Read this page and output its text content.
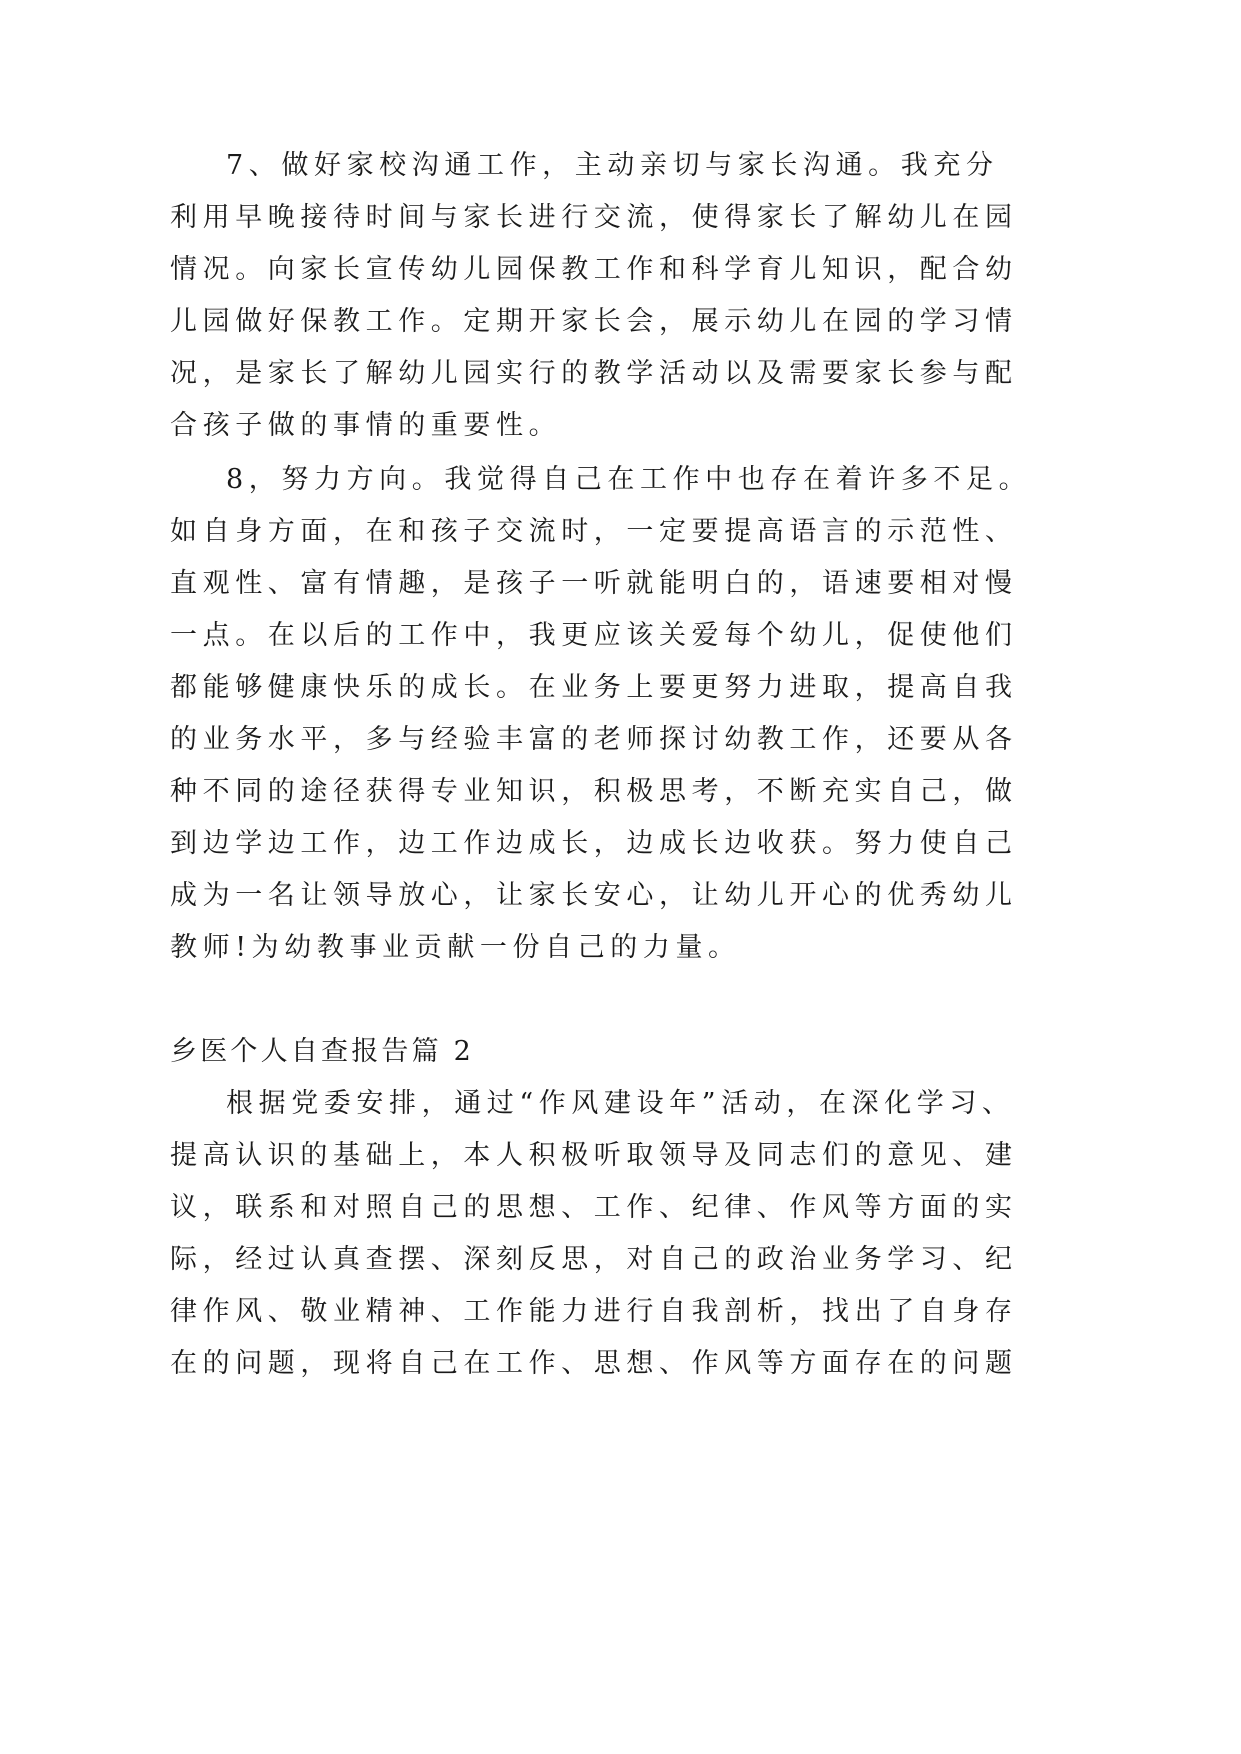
7、做好家校沟通工作，主动亲切与家长沟通。我充分
利用早晚接待时间与家长进行交流，使得家长了解幼儿在园
情况。向家长宣传幼儿园保教工作和科学育儿知识，配合幼
儿园做好保教工作。定期开家长会，展示幼儿在园的学习情
况，是家长了解幼儿园实行的教学活动以及需要家长参与配
合孩子做的事情的重要性。
8，努力方向。我觉得自己在工作中也存在着许多不足。
如自身方面，在和孩子交流时，一定要提高语言的示范性、
直观性、富有情趣，是孩子一听就能明白的，语速要相对慢
一点。在以后的工作中，我更应该关爱每个幼儿，促使他们
都能够健康快乐的成长。在业务上要更努力进取，提高自我
的业务水平，多与经验丰富的老师探讨幼教工作，还要从各
种不同的途径获得专业知识，积极思考，不断充实自己，做
到边学边工作，边工作边成长，边成长边收获。努力使自己
成为一名让领导放心，让家长安心，让幼儿开心的优秀幼儿
教师!为幼教事业贡献一份自己的力量。
乡医个人自查报告篇 2
根据党委安排，通过“作风建设年”活动，在深化学习、
提高认识的基础上，本人积极听取领导及同志们的意见、建
议，联系和对照自己的思想、工作、纪律、作风等方面的实
际，经过认真查摆、深刻反思，对自己的政治业务学习、纪
律作风、敬业精神、工作能力进行自我剖析，找出了自身存
在的问题，现将自己在工作、思想、作风等方面存在的问题
